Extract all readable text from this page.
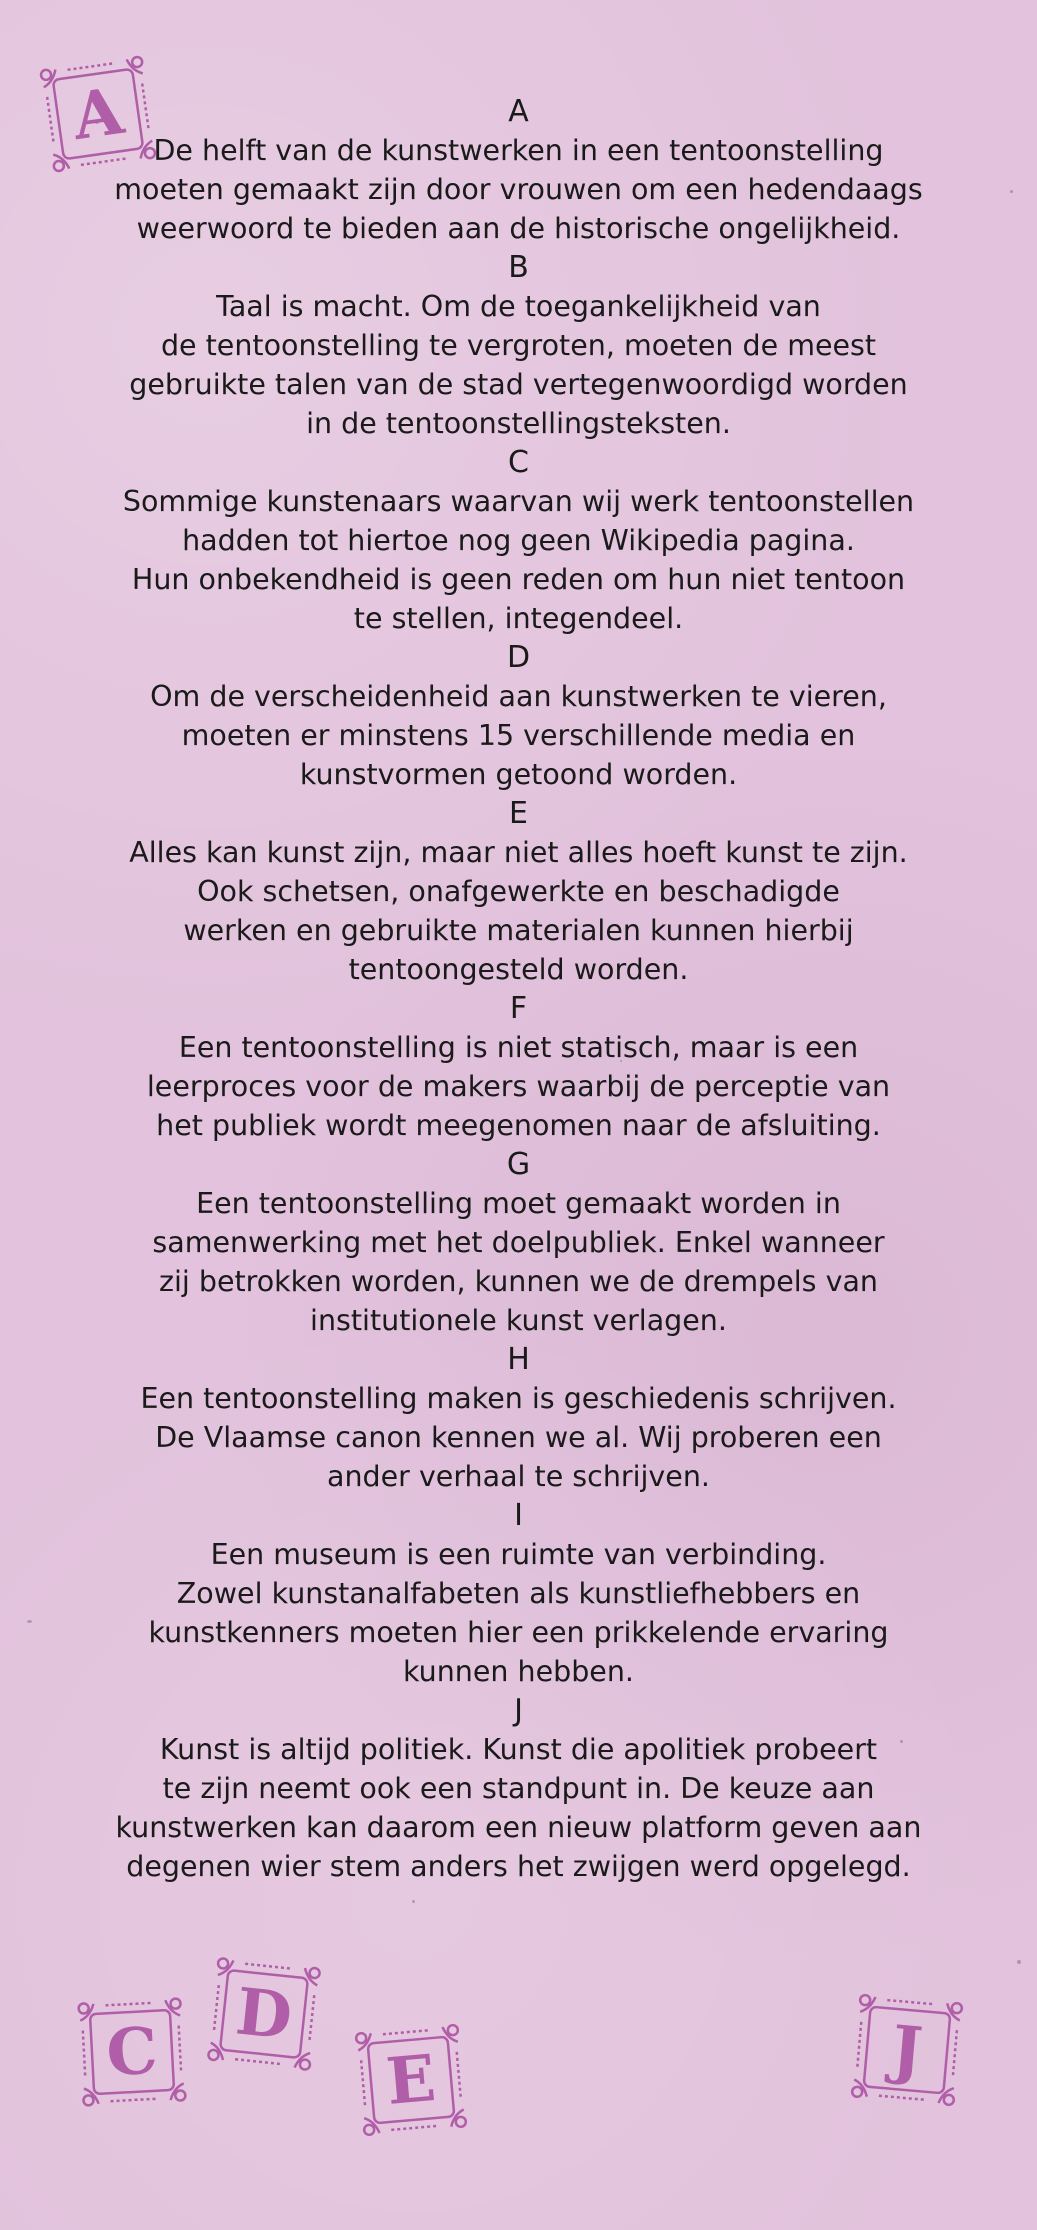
A
De helft van de kunstwerken in een tentoonstelling
moeten gemaakt zijn door vrouwen om een hedendaags
weerwoord te bieden aan de historische ongelijkheid.
B
Taal is macht. Om de toegankelijkheid van
de tentoonstelling te vergroten, moeten de meest
gebruikte talen van de stad vertegenwoordigd worden
in de tentoonstellingsteksten.
C
Sommige kunstenaars waarvan wij werk tentoonstellen
hadden tot hiertoe nog geen Wikipedia pagina.
Hun onbekendheid is geen reden om hun niet tentoon
te stellen, integendeel.
D
Om de verscheidenheid aan kunstwerken te vieren,
moeten er minstens 15 verschillende media en
kunstvormen getoond worden.
E
Alles kan kunst zijn, maar niet alles hoeft kunst te zijn.
Ook schetsen, onafgewerkte en beschadigde
werken en gebruikte materialen kunnen hierbij
tentoongesteld worden.
F
Een tentoonstelling is niet statisch, maar is een
leerproces voor de makers waarbij de perceptie van
het publiek wordt meegenomen naar de afsluiting.
G
Een tentoonstelling moet gemaakt worden in
samenwerking met het doelpubliek. Enkel wanneer
zij betrokken worden, kunnen we de drempels van
institutionele kunst verlagen.
H
Een tentoonstelling maken is geschiedenis schrijven.
De Vlaamse canon kennen we al. Wij proberen een
ander verhaal te schrijven.
I
Een museum is een ruimte van verbinding.
Zowel kunstanalfabeten als kunstliefhebbers en
kunstkenners moeten hier een prikkelende ervaring
kunnen hebben.
J
Kunst is altijd politiek. Kunst die apolitiek probeert
te zijn neemt ook een standpunt in. De keuze aan
kunstwerken kan daarom een nieuw platform geven aan
degenen wier stem anders het zwijgen werd opgelegd.
A
C D
E	J
